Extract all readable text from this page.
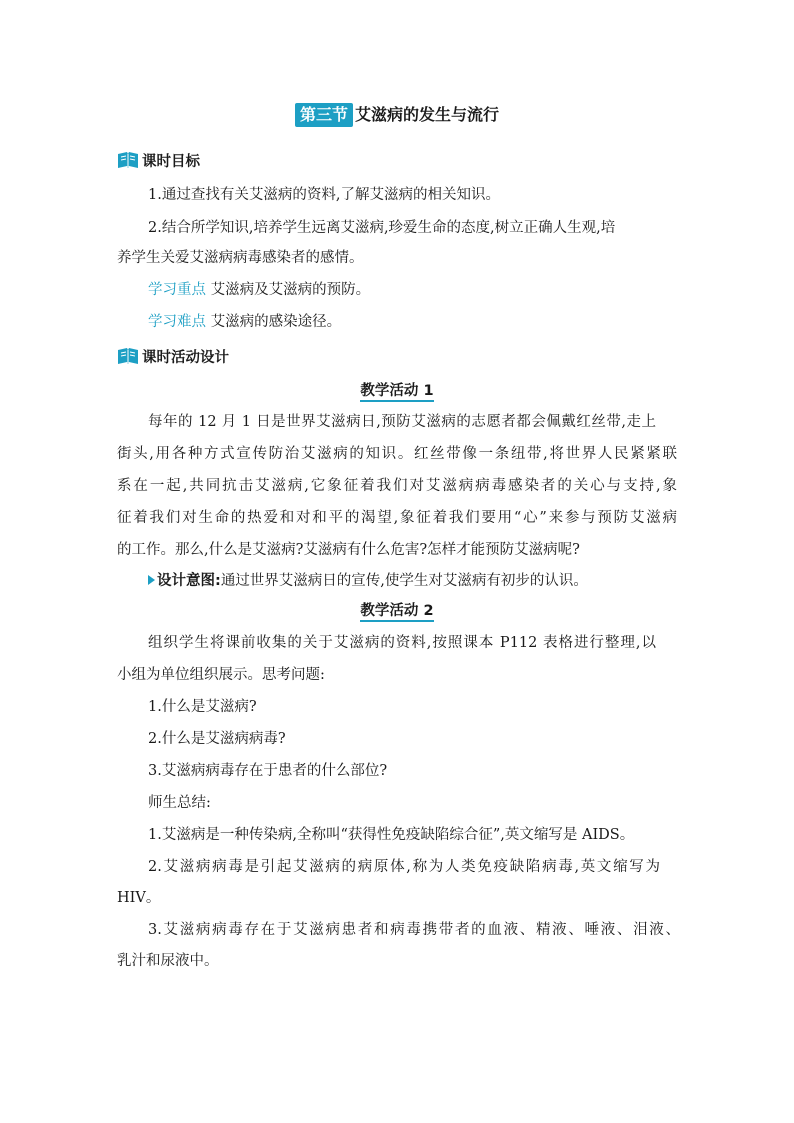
第三节 艾滋病的发生与流行
课时目标
1.通过查找有关艾滋病的资料,了解艾滋病的相关知识。
2.结合所学知识,培养学生远离艾滋病,珍爱生命的态度,树立正确人生观,培
养学生关爱艾滋病病毒感染者的感情。
学习重点 艾滋病及艾滋病的预防。
学习难点 艾滋病的感染途径。
课时活动设计
教学活动 1
每年的 12 月 1 日是世界艾滋病日,预防艾滋病的志愿者都会佩戴红丝带,走上
街头,用各种方式宣传防治艾滋病的知识。红丝带像一条纽带,将世界人民紧紧联
系在一起,共同抗击艾滋病,它象征着我们对艾滋病病毒感染者的关心与支持,象
征着我们对生命的热爱和对和平的渴望,象征着我们要用“心”来参与预防艾滋病
的工作。那么,什么是艾滋病?艾滋病有什么危害?怎样才能预防艾滋病呢?
设计意图:通过世界艾滋病日的宣传,使学生对艾滋病有初步的认识。
教学活动 2
组织学生将课前收集的关于艾滋病的资料,按照课本 P112 表格进行整理,以
小组为单位组织展示。思考问题:
1.什么是艾滋病?
2.什么是艾滋病病毒?
3.艾滋病病毒存在于患者的什么部位?
师生总结:
1.艾滋病是一种传染病,全称叫“获得性免疫缺陷综合征”,英文缩写是 AIDS。
2.艾滋病病毒是引起艾滋病的病原体,称为人类免疫缺陷病毒,英文缩写为
HIV。
3.艾滋病病毒存在于艾滋病患者和病毒携带者的血液、精液、唾液、泪液、
乳汁和尿液中。
